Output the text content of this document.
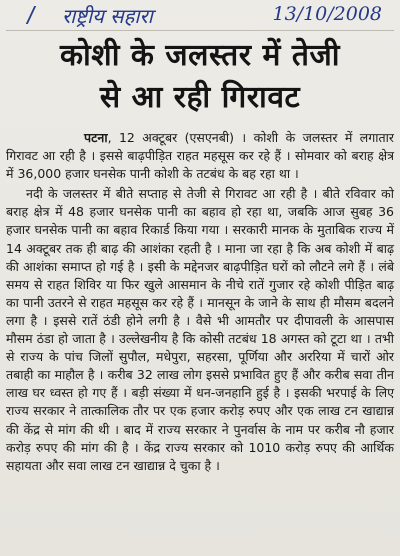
राष्ट्रीय सहारा	13/10/2008
कोशी के जलस्तर में तेजी
से आ रही गिरावट

पटना, 12 अक्टूबर (एसएनबी) । कोशी के जलस्तर में लगातार गिरावट आ रही है । इससे बाढ़पीड़ित राहत महसूस कर रहे हैं । सोमवार को बराह क्षेत्र में 36,000 हजार घनसेक पानी कोशी के तटबंध के बह रहा था ।

नदी के जलस्तर में बीते सप्ताह से तेजी से गिरावट आ रही है । बीते रविवार को बराह क्षेत्र में 48 हजार घनसेक पानी का बहाव हो रहा था, जबकि आज सुबह 36 हजार घनसेक पानी का बहाव रिकार्ड किया गया । सरकारी मानक के मुताबिक राज्य में 14 अक्टूबर तक ही बाढ़ की आशंका रहती है । माना जा रहा है कि अब कोशी में बाढ़ की आशंका समाप्त हो गई है । इसी के मद्देनजर बाढ़पीड़ित घरों को लौटने लगे हैं । लंबे समय से राहत शिविर या फिर खुले आसमान के नीचे रातें गुजार रहे कोशी पीड़ित बाढ़ का पानी उतरने से राहत महसूस कर रहे हैं । मानसून के जाने के साथ ही मौसम बदलने लगा है । इससे रातें ठंडी होने लगी है । वैसे भी आमतौर पर दीपावली के आसपास मौसम ठंडा हो जाता है । उल्लेखनीय है कि कोसी तटबंध 18 अगस्त को टूटा था । तभी से राज्य के पांच जिलों सुपौल, मधेपुरा, सहरसा, पूर्णिया और अररिया में चारों ओर तबाही का माहौल है । करीब 32 लाख लोग इससे प्रभावित हुए हैं और करीब सवा तीन लाख घर ध्वस्त हो गए हैं । बड़ी संख्या में धन-जनहानि हुई है । इसकी भरपाई के लिए राज्य सरकार ने तात्कालिक तौर पर एक हजार करोड़ रुपए और एक लाख टन खाद्यान्न की केंद्र से मांग की थी । बाद में राज्य सरकार ने पुनर्वास के नाम पर करीब नौ हजार करोड़ रुपए की मांग की है । केंद्र राज्य सरकार को 1010 करोड़ रुपए की आर्थिक सहायता और सवा लाख टन खाद्यान्न दे चुका है ।
